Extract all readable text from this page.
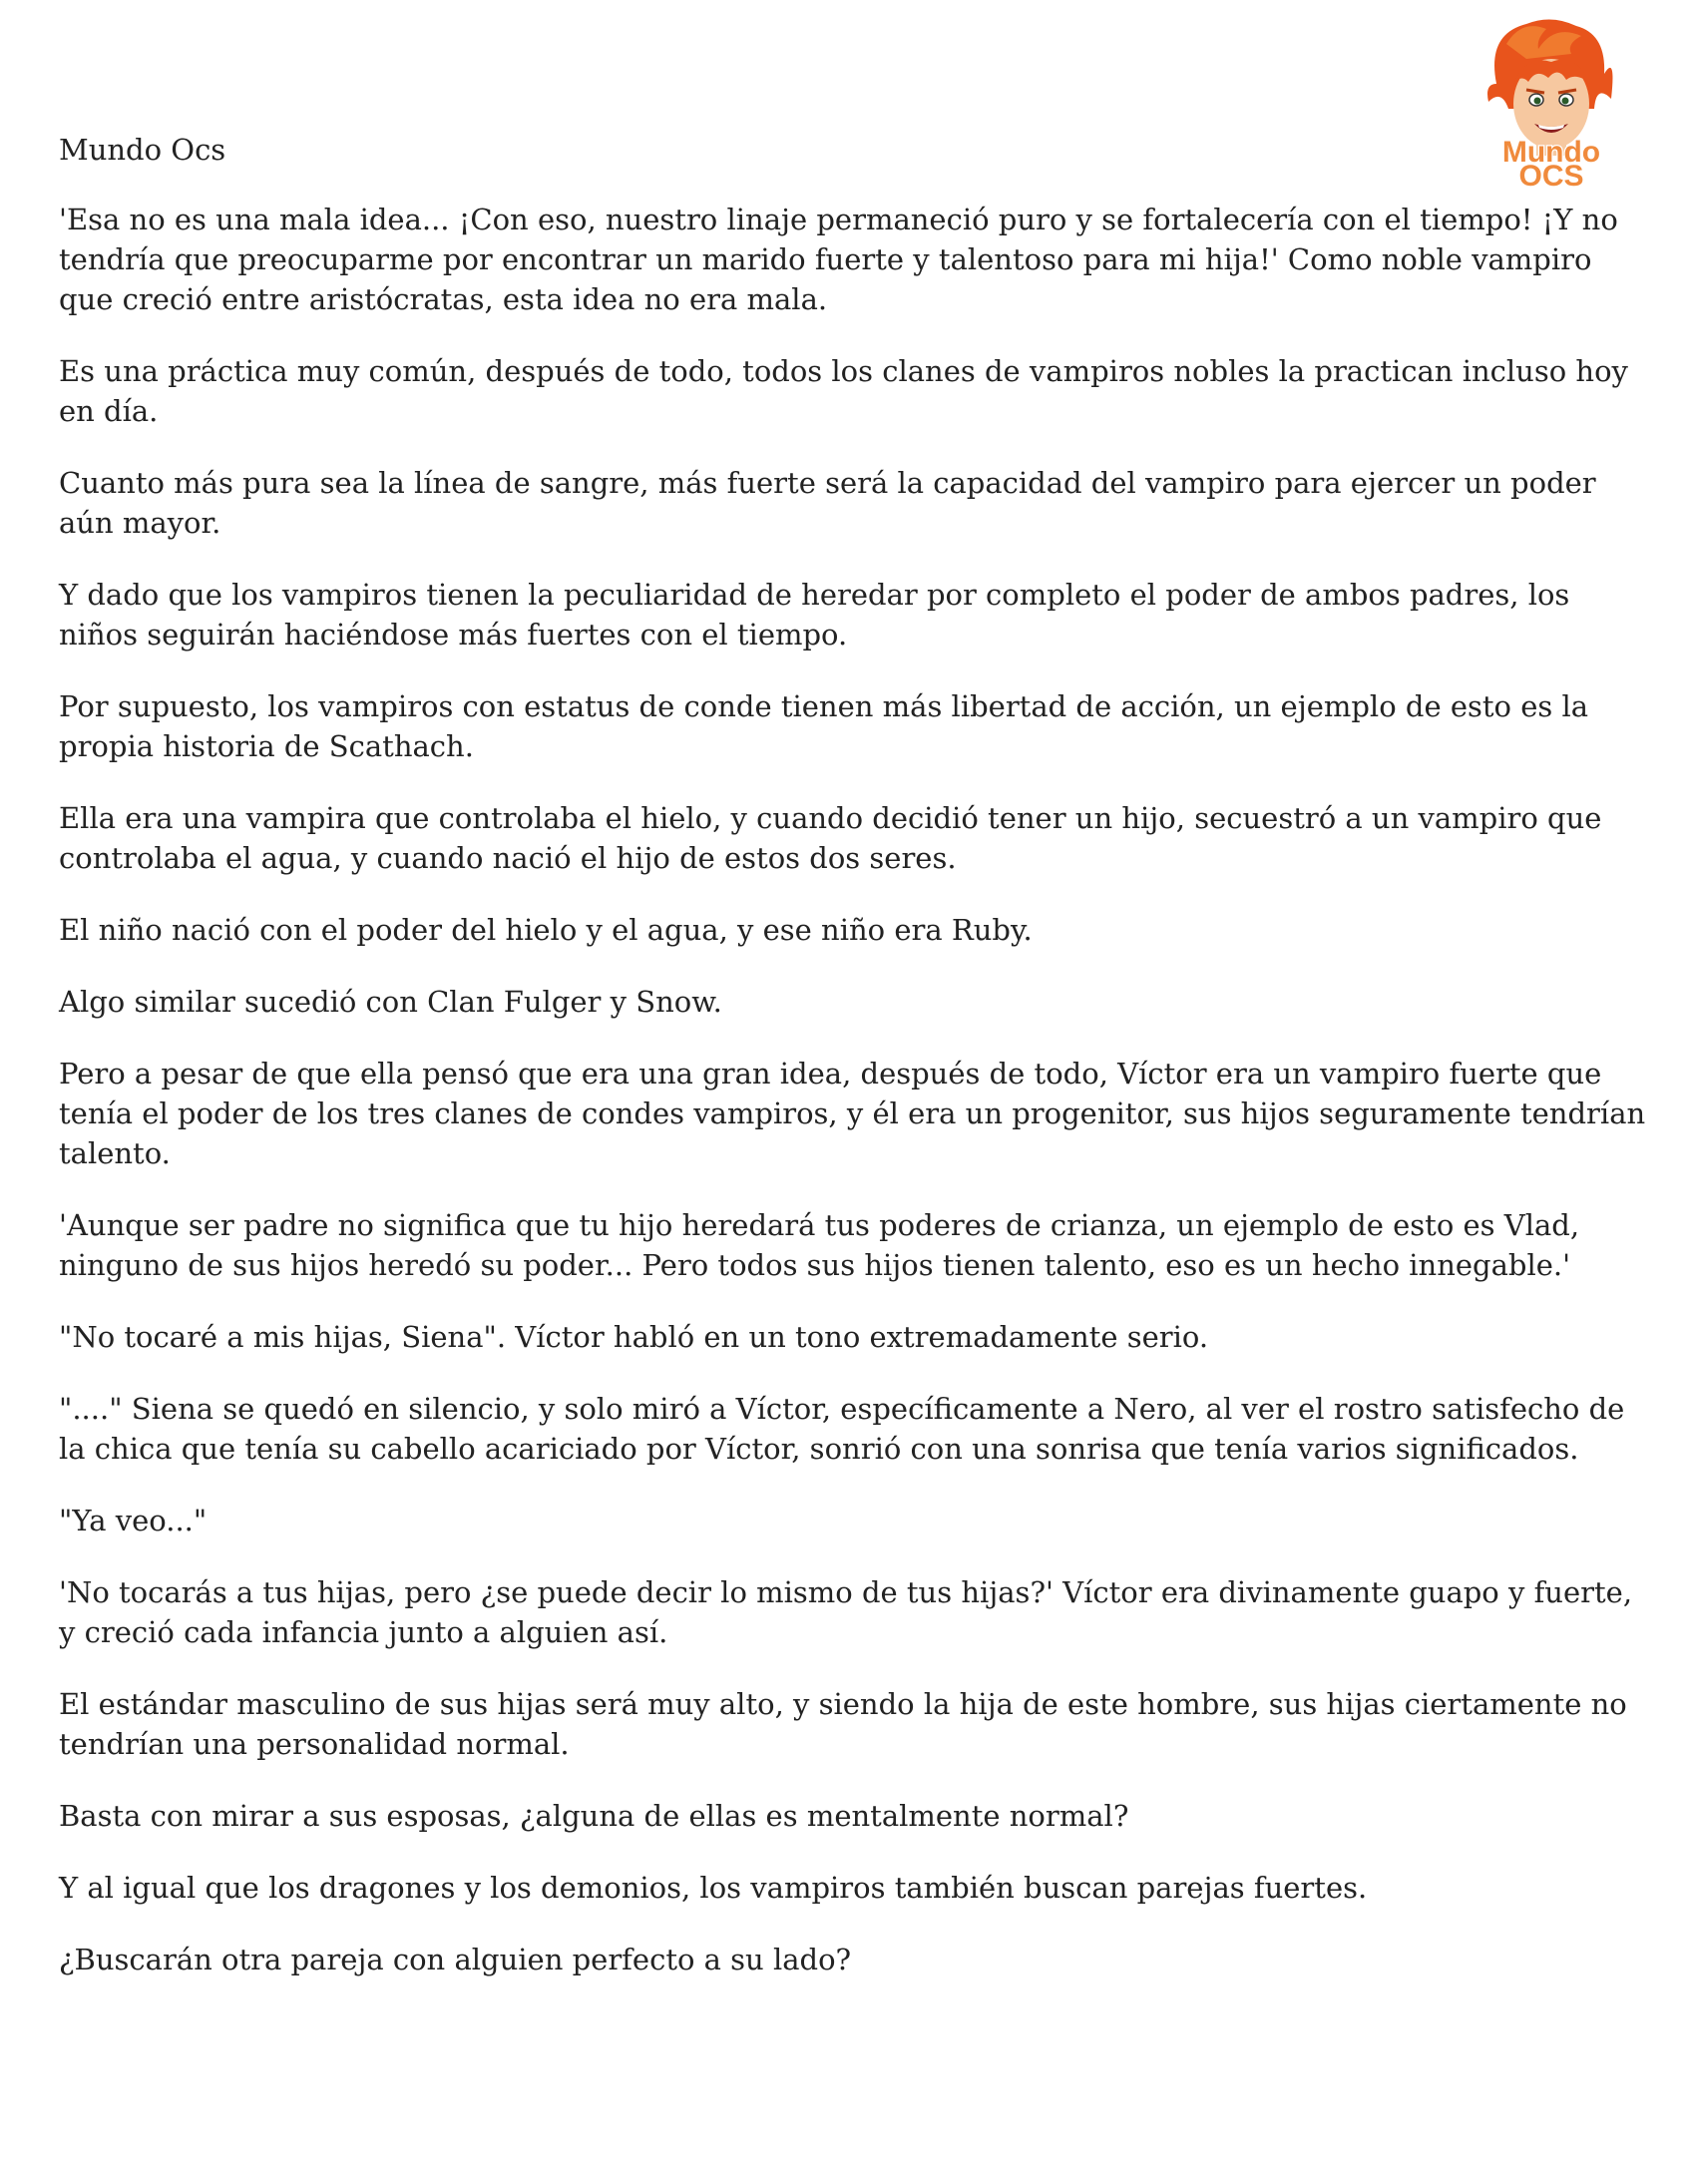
Mundo
OCS
Mundo Ocs

'Esa no es una mala idea... ¡Con eso, nuestro linaje permaneció puro y se fortalecería con el tiempo! ¡Y no tendría que preocuparme por encontrar un marido fuerte y talentoso para mi hija!' Como noble vampiro que creció entre aristócratas, esta idea no era mala.

Es una práctica muy común, después de todo, todos los clanes de vampiros nobles la practican incluso hoy en día.

Cuanto más pura sea la línea de sangre, más fuerte será la capacidad del vampiro para ejercer un poder aún mayor.

Y dado que los vampiros tienen la peculiaridad de heredar por completo el poder de ambos padres, los niños seguirán haciéndose más fuertes con el tiempo.

Por supuesto, los vampiros con estatus de conde tienen más libertad de acción, un ejemplo de esto es la propia historia de Scathach.

Ella era una vampira que controlaba el hielo, y cuando decidió tener un hijo, secuestró a un vampiro que controlaba el agua, y cuando nació el hijo de estos dos seres.

El niño nació con el poder del hielo y el agua, y ese niño era Ruby.

Algo similar sucedió con Clan Fulger y Snow.

Pero a pesar de que ella pensó que era una gran idea, después de todo, Víctor era un vampiro fuerte que tenía el poder de los tres clanes de condes vampiros, y él era un progenitor, sus hijos seguramente tendrían talento.

'Aunque ser padre no significa que tu hijo heredará tus poderes de crianza, un ejemplo de esto es Vlad, ninguno de sus hijos heredó su poder... Pero todos sus hijos tienen talento, eso es un hecho innegable.'

"No tocaré a mis hijas, Siena". Víctor habló en un tono extremadamente serio.

"...." Siena se quedó en silencio, y solo miró a Víctor, específicamente a Nero, al ver el rostro satisfecho de la chica que tenía su cabello acariciado por Víctor, sonrió con una sonrisa que tenía varios significados.

"Ya veo..."

'No tocarás a tus hijas, pero ¿se puede decir lo mismo de tus hijas?' Víctor era divinamente guapo y fuerte, y creció cada infancia junto a alguien así.

El estándar masculino de sus hijas será muy alto, y siendo la hija de este hombre, sus hijas ciertamente no tendrían una personalidad normal.

Basta con mirar a sus esposas, ¿alguna de ellas es mentalmente normal?

Y al igual que los dragones y los demonios, los vampiros también buscan parejas fuertes.

¿Buscarán otra pareja con alguien perfecto a su lado?
